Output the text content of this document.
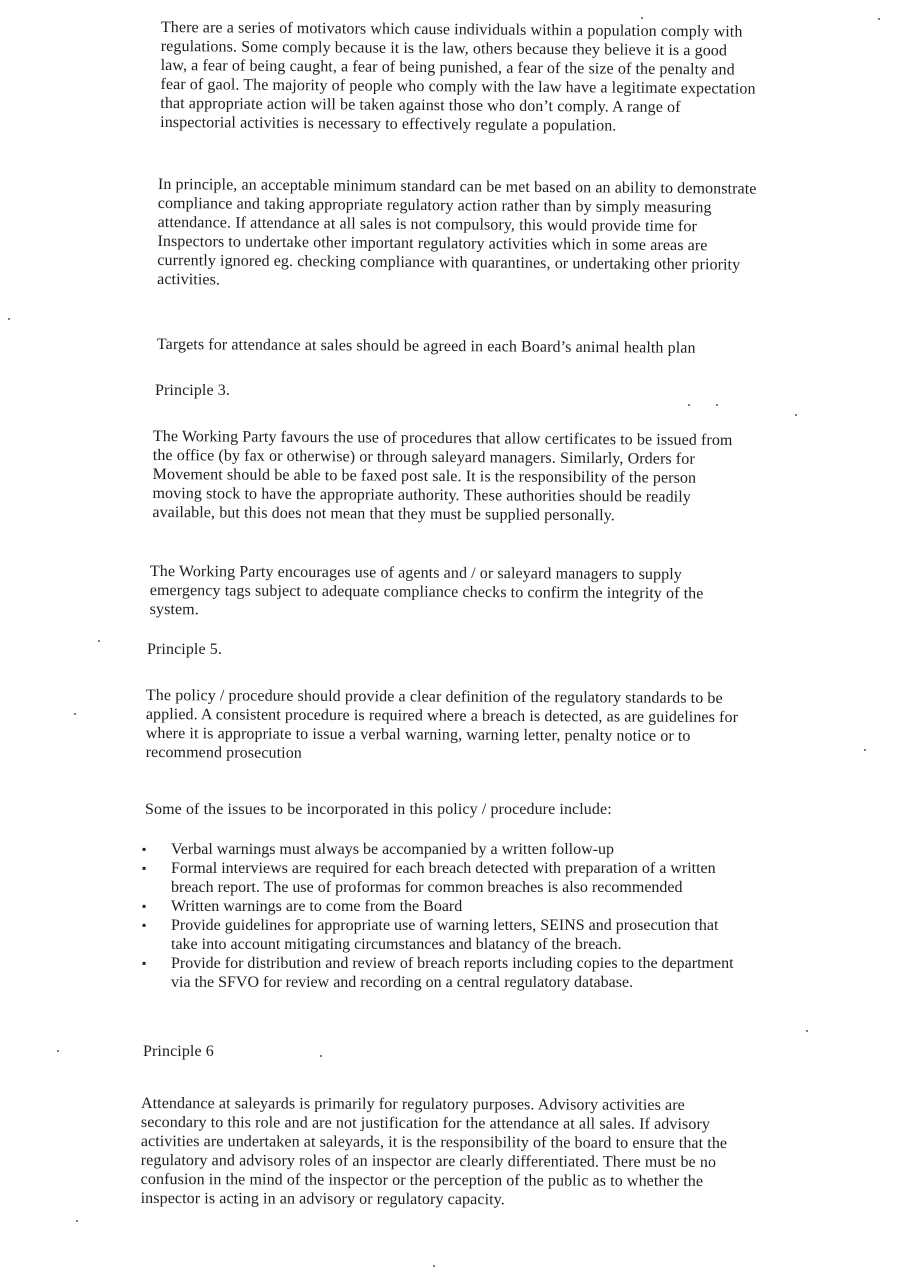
There are a series of motivators which cause individuals within a population comply with
regulations. Some comply because it is the law, others because they believe it is a good
law, a fear of being caught, a fear of being punished, a fear of the size of the penalty and
fear of gaol. The majority of people who comply with the law have a legitimate expectation
that appropriate action will be taken against those who don’t comply. A range of
inspectorial activities is necessary to effectively regulate a population.
In principle, an acceptable minimum standard can be met based on an ability to demonstrate
compliance and taking appropriate regulatory action rather than by simply measuring
attendance. If attendance at all sales is not compulsory, this would provide time for
Inspectors to undertake other important regulatory activities which in some areas are
currently ignored eg. checking compliance with quarantines, or undertaking other priority
activities.
Targets for attendance at sales should be agreed in each Board’s animal health plan
Principle 3.
The Working Party favours the use of procedures that allow certificates to be issued from
the office (by fax or otherwise) or through saleyard managers. Similarly, Orders for
Movement should be able to be faxed post sale. It is the responsibility of the person
moving stock to have the appropriate authority. These authorities should be readily
available, but this does not mean that they must be supplied personally.
The Working Party encourages use of agents and / or saleyard managers to supply
emergency tags subject to adequate compliance checks to confirm the integrity of the
system.
Principle 5.
The policy / procedure should provide a clear definition of the regulatory standards to be
applied. A consistent procedure is required where a breach is detected, as are guidelines for
where it is appropriate to issue a verbal warning, warning letter, penalty notice or to
recommend prosecution
Some of the issues to be incorporated in this policy / procedure include:
▪ Verbal warnings must always be accompanied by a written follow-up
▪ Formal interviews are required for each breach detected with preparation of a written
breach report. The use of proformas for common breaches is also recommended
▪ Written warnings are to come from the Board
▪ Provide guidelines for appropriate use of warning letters, SEINS and prosecution that
take into account mitigating circumstances and blatancy of the breach.
▪ Provide for distribution and review of breach reports including copies to the department
via the SFVO for review and recording on a central regulatory database.
Principle 6
Attendance at saleyards is primarily for regulatory purposes. Advisory activities are
secondary to this role and are not justification for the attendance at all sales. If advisory
activities are undertaken at saleyards, it is the responsibility of the board to ensure that the
regulatory and advisory roles of an inspector are clearly differentiated. There must be no
confusion in the mind of the inspector or the perception of the public as to whether the
inspector is acting in an advisory or regulatory capacity.
